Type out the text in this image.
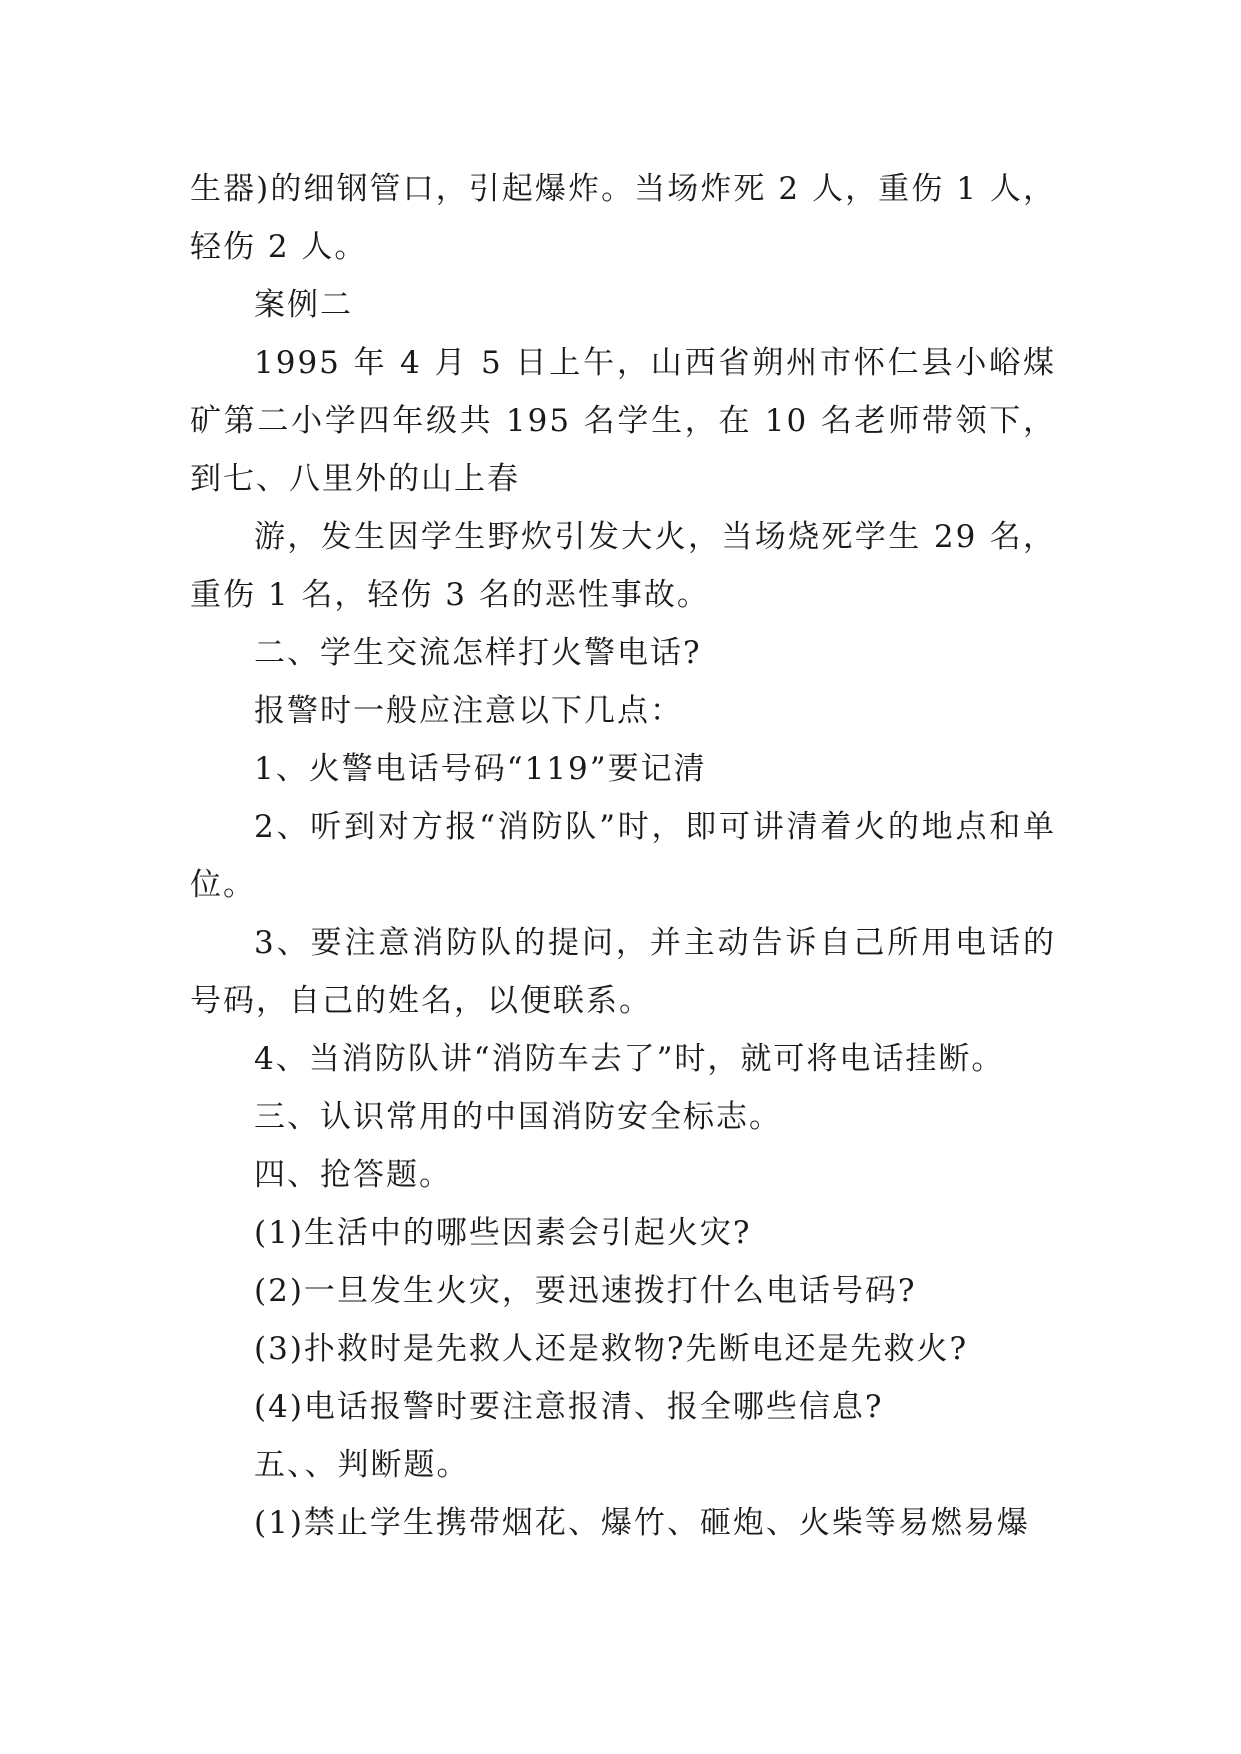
生器)的细钢管口，引起爆炸。当场炸死 2 人，重伤 1 人，轻伤 2 人。

案例二

1995 年 4 月 5 日上午，山西省朔州市怀仁县小峪煤矿第二小学四年级共 195 名学生，在 10 名老师带领下，到七、八里外的山上春

游，发生因学生野炊引发大火，当场烧死学生 29 名，重伤 1 名，轻伤 3 名的恶性事故。

二、学生交流怎样打火警电话?

报警时一般应注意以下几点：

1、火警电话号码“119”要记清

2、听到对方报“消防队”时，即可讲清着火的地点和单位。

3、要注意消防队的提问，并主动告诉自己所用电话的号码，自己的姓名，以便联系。

4、当消防队讲“消防车去了”时，就可将电话挂断。

三、认识常用的中国消防安全标志。

四、抢答题。

(1)生活中的哪些因素会引起火灾?

(2)一旦发生火灾，要迅速拨打什么电话号码?

(3)扑救时是先救人还是救物?先断电还是先救火?

(4)电话报警时要注意报清、报全哪些信息?

五、、判断题。

(1)禁止学生携带烟花、爆竹、砸炮、火柴等易燃易爆
